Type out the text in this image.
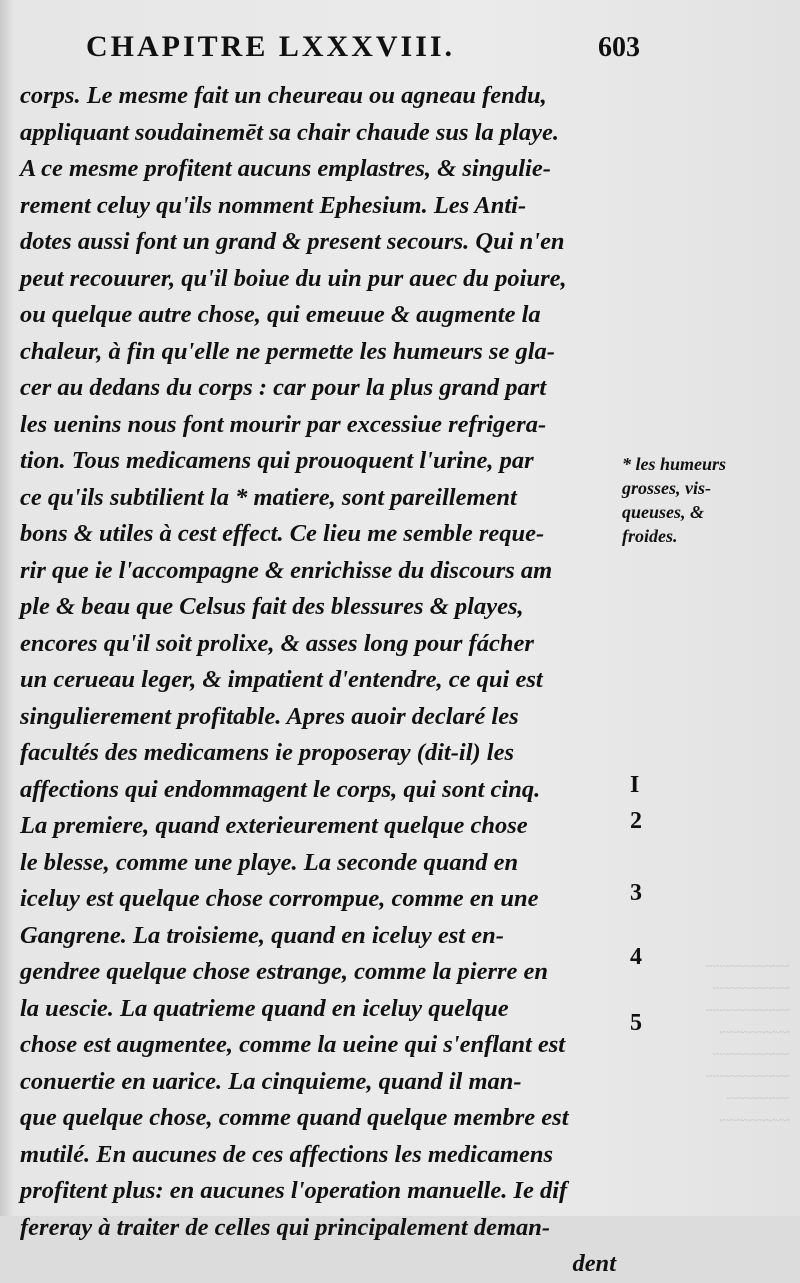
CHAPITRE LXXXVIII.	603
corps. Le mesme fait un cheureau ou agneau fendu,
appliquant soudainemēt sa chair chaude sus la playe.
A ce mesme profitent aucuns emplastres, & singulie-
rement celuy qu'ils nomment Ephesium. Les Anti-
dotes aussi font un grand & present secours. Qui n'en
peut recouurer, qu'il boiue du uin pur auec du poiure,
ou quelque autre chose, qui emeuue & augmente la
chaleur, à fin qu'elle ne permette les humeurs se gla-
cer au dedans du corps : car pour la plus grand part
les uenins nous font mourir par excessiue refrigera-
tion. Tous medicamens qui prouoquent l'urine, par
ce qu'ils subtilient la * matiere, sont pareillement
bons & utiles à cest effect. Ce lieu me semble reque-
rir que ie l'accompagne & enrichisse du discours am
ple & beau que Celsus fait des blessures & playes,
encores qu'il soit prolixe, & asses long pour fácher
un cerueau leger, & impatient d'entendre, ce qui est
singulierement profitable. Apres auoir declaré les
facultés des medicamens ie proposeray (dit-il) les
affections qui endommagent le corps, qui sont cinq.
La premiere, quand exterieurement quelque chose
le blesse, comme une playe. La seconde quand en
iceluy est quelque chose corrompue, comme en une
Gangrene. La troisieme, quand en iceluy est en-
gendree quelque chose estrange, comme la pierre en
la uescie. La quatrieme quand en iceluy quelque
chose est augmentee, comme la ueine qui s'enflant est
conuertie en uarice. La cinquieme, quand il man-
que quelque chose, comme quand quelque membre est
mutilé. En aucunes de ces affections les medicamens
profitent plus: en aucunes l'operation manuelle. Ie dif
fereray à traiter de celles qui principalement deman-
dent
* les humeurs
grosses, vis-
queuses, &
froides.
I
2
3
4
5
~~~~~~~~~~~~
~~~~~~~~~~~
~~~~~~~~~~~~
~~~~~~~~~~
~~~~~~~~~~~
~~~~~~~~~~~~
~~~~~~~~~
~~~~~~~~~~
